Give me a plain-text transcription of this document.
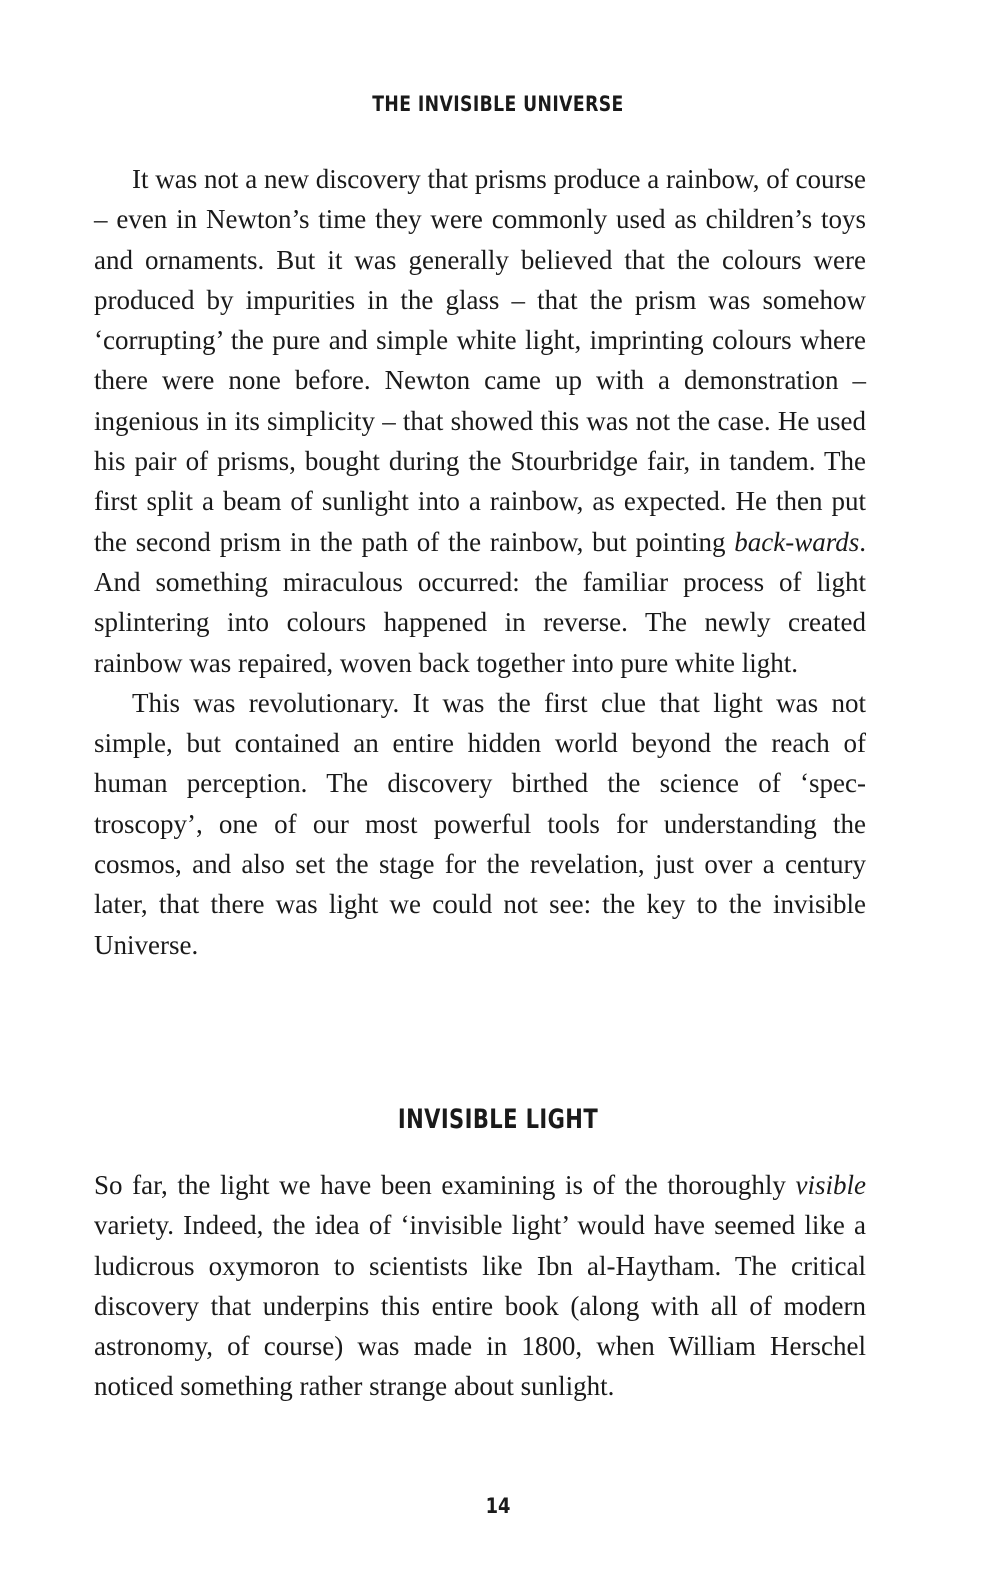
THE INVISIBLE UNIVERSE

It was not a new discovery that prisms produce a rainbow, of course – even in Newton’s time they were commonly used as children’s toys and ornaments. But it was generally believed that the colours were produced by impurities in the glass – that the prism was somehow ‘corrupting’ the pure and simple white light, imprinting colours where there were none before. Newton came up with a demonstration – ingenious in its simplicity – that showed this was not the case. He used his pair of prisms, bought during the Stourbridge fair, in tandem. The first split a beam of sunlight into a rainbow, as expected. He then put the second prism in the path of the rainbow, but pointing back-wards. And something miraculous occurred: the familiar process of light splintering into colours happened in reverse. The newly created rainbow was repaired, woven back together into pure white light.

This was revolutionary. It was the first clue that light was not simple, but contained an entire hidden world beyond the reach of human perception. The discovery birthed the science of ‘spec-troscopy’, one of our most powerful tools for understanding the cosmos, and also set the stage for the revelation, just over a century later, that there was light we could not see: the key to the invisible Universe.

INVISIBLE LIGHT

So far, the light we have been examining is of the thoroughly visible variety. Indeed, the idea of ‘invisible light’ would have seemed like a ludicrous oxymoron to scientists like Ibn al-Haytham. The critical discovery that underpins this entire book (along with all of modern astronomy, of course) was made in 1800, when William Herschel noticed something rather strange about sunlight.

14
